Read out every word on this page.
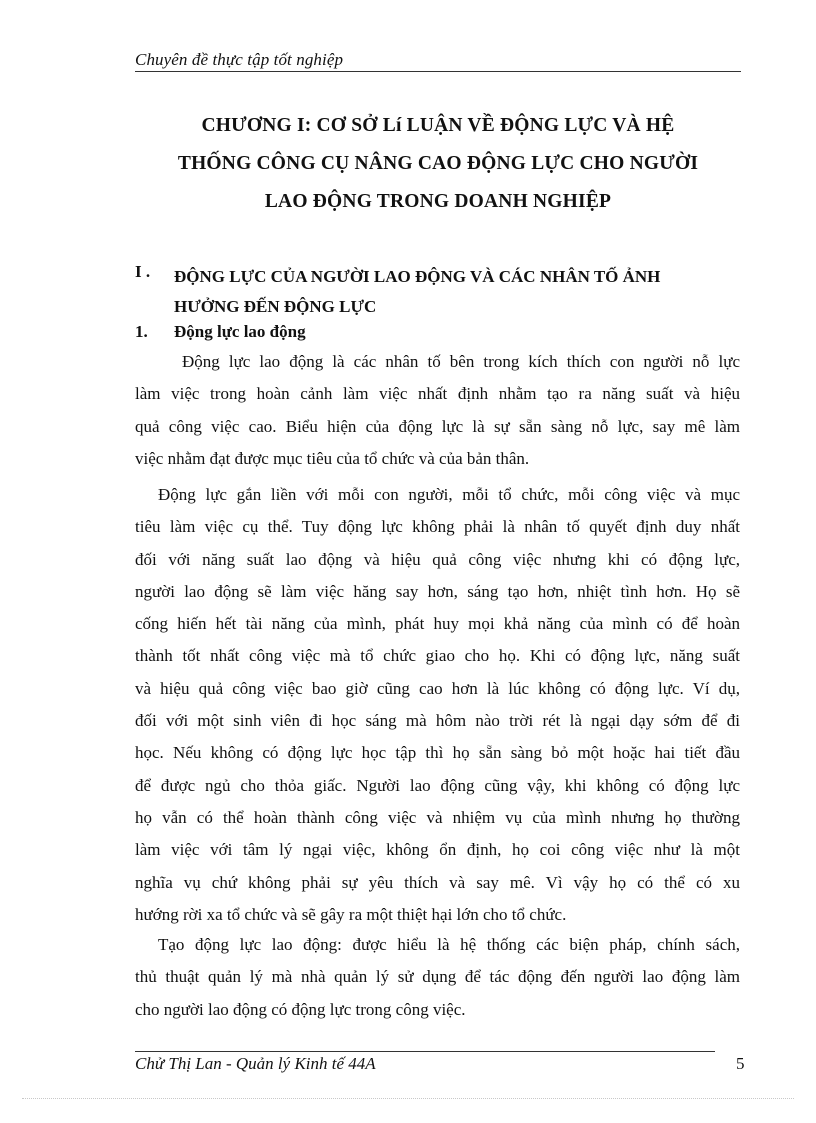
Chuyên đề thực tập tốt nghiệp
CHƯƠNG I: CƠ SỞ Lí LUẬN VỀ ĐỘNG LỰC VÀ HỆ
THỐNG CÔNG CỤ NÂNG CAO ĐỘNG LỰC CHO NGƯỜI
LAO ĐỘNG TRONG DOANH NGHIỆP
I . ĐỘNG LỰC CỦA NGƯỜI LAO ĐỘNG VÀ CÁC NHÂN TỐ ẢNH
HƯỞNG ĐẾN ĐỘNG LỰC
1. Động lực lao động
Động lực lao động là các nhân tố bên trong kích thích con người nỗ lực
làm việc trong hoàn cảnh làm việc nhất định nhằm tạo ra năng suất và hiệu
quả công việc cao. Biểu hiện của động lực là sự sẵn sàng nỗ lực, say mê làm
việc nhằm đạt được mục tiêu của tổ chức và của bản thân.
Động lực gắn liền với mỗi con người, mỗi tổ chức, mỗi công việc và mục
tiêu làm việc cụ thể. Tuy động lực không phải là nhân tố quyết định duy nhất
đối với năng suất lao động và hiệu quả công việc nhưng khi có động lực,
người lao động sẽ làm việc hăng say hơn, sáng tạo hơn, nhiệt tình hơn. Họ sẽ
cống hiến hết tài năng của mình, phát huy mọi khả năng của mình có để hoàn
thành tốt nhất công việc mà tổ chức giao cho họ. Khi có động lực, năng suất
và hiệu quả công việc bao giờ cũng cao hơn là lúc không có động lực. Ví dụ,
đối với một sinh viên đi học sáng mà hôm nào trời rét là ngại dạy sớm để đi
học. Nếu không có động lực học tập thì họ sẵn sàng bỏ một hoặc hai tiết đầu
để được ngủ cho thỏa giấc. Người lao động cũng vậy, khi không có động lực
họ vẫn có thể hoàn thành công việc và nhiệm vụ của mình nhưng họ thường
làm việc với tâm lý ngại việc, không ổn định, họ coi công việc như là một
nghĩa vụ chứ không phải sự yêu thích và say mê. Vì vậy họ có thể có xu
hướng rời xa tổ chức và sẽ gây ra một thiệt hại lớn cho tổ chức.
Tạo động lực lao động: được hiểu là hệ thống các biện pháp, chính sách,
thủ thuật quản lý mà nhà quản lý sử dụng để tác động đến người lao động làm
cho người lao động có động lực trong công việc.
Chử Thị Lan - Quản lý Kinh tế 44A	5
